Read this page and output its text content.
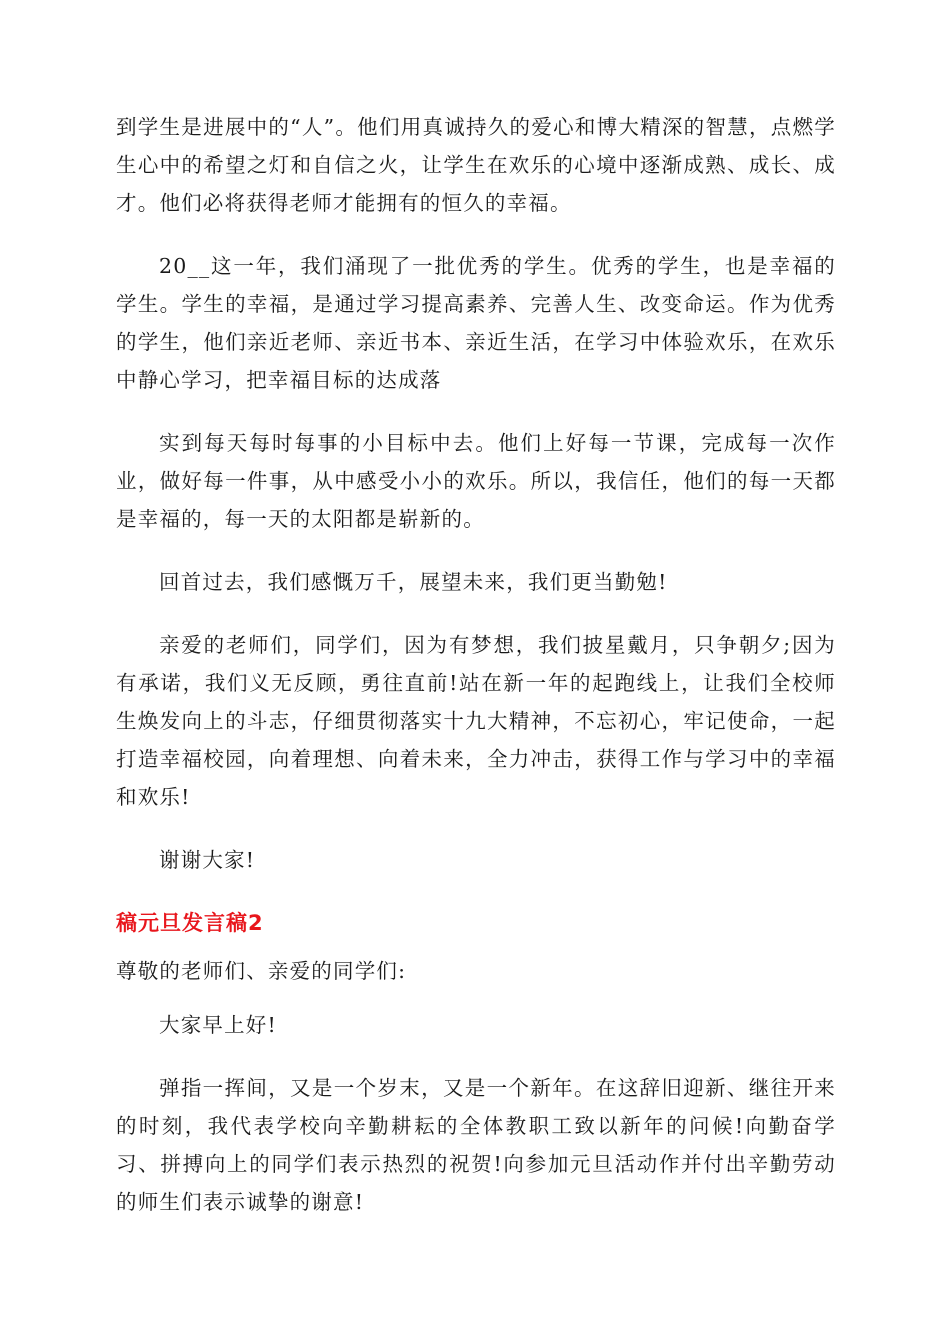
到学生是进展中的“人”。他们用真诚持久的爱心和博大精深的智慧，点燃学生心中的希望之灯和自信之火，让学生在欢乐的心境中逐渐成熟、成长、成才。他们必将获得老师才能拥有的恒久的幸福。

20__这一年，我们涌现了一批优秀的学生。优秀的学生，也是幸福的学生。学生的幸福，是通过学习提高素养、完善人生、改变命运。作为优秀的学生，他们亲近老师、亲近书本、亲近生活，在学习中体验欢乐，在欢乐中静心学习，把幸福目标的达成落

实到每天每时每事的小目标中去。他们上好每一节课，完成每一次作业，做好每一件事，从中感受小小的欢乐。所以，我信任，他们的每一天都是幸福的，每一天的太阳都是崭新的。

回首过去，我们感慨万千，展望未来，我们更当勤勉!

亲爱的老师们，同学们，因为有梦想，我们披星戴月，只争朝夕;因为有承诺，我们义无反顾，勇往直前!站在新一年的起跑线上，让我们全校师生焕发向上的斗志，仔细贯彻落实十九大精神，不忘初心，牢记使命，一起打造幸福校园，向着理想、向着未来，全力冲击，获得工作与学习中的幸福和欢乐!

谢谢大家!

稿元旦发言稿2

尊敬的老师们、亲爱的同学们:

大家早上好!

弹指一挥间，又是一个岁末，又是一个新年。在这辞旧迎新、继往开来的时刻，我代表学校向辛勤耕耘的全体教职工致以新年的问候!向勤奋学习、拼搏向上的同学们表示热烈的祝贺!向参加元旦活动作并付出辛勤劳动的师生们表示诚挚的谢意!
